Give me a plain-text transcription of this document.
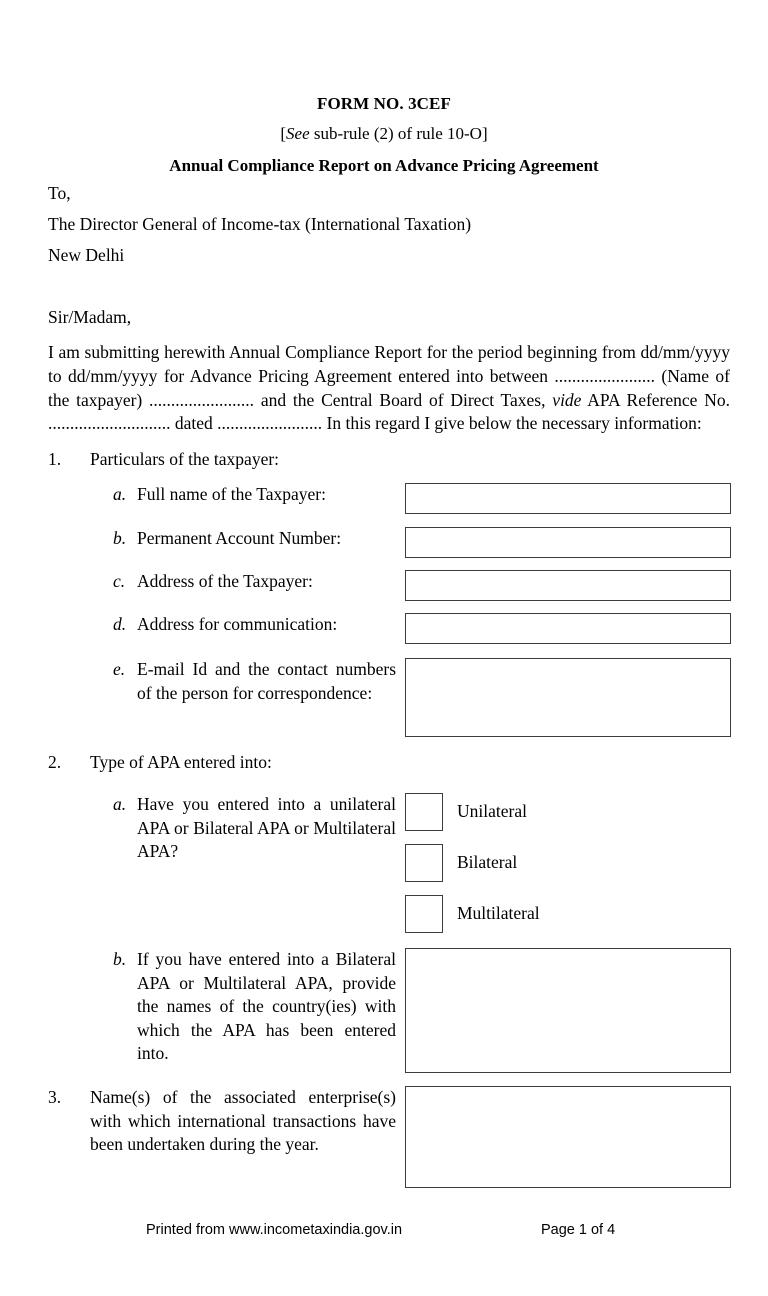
FORM NO. 3CEF
[See sub-rule (2) of rule 10-O]
Annual Compliance Report on Advance Pricing Agreement
To,
The Director General of Income-tax (International Taxation)
New Delhi
Sir/Madam,
I am submitting herewith Annual Compliance Report for the period beginning from dd/mm/yyyy to dd/mm/yyyy for Advance Pricing Agreement entered into between ....................... (Name of the taxpayer) ........................ and the Central Board of Direct Taxes, vide APA Reference No. ............................ dated ........................ In this regard I give below the necessary information:
1. Particulars of the taxpayer:
a. Full name of the Taxpayer:
b. Permanent Account Number:
c. Address of the Taxpayer:
d. Address for communication:
e. E-mail Id and the contact numbers of the person for correspondence:
2. Type of APA entered into:
a. Have you entered into a unilateral APA or Bilateral APA or Multilateral APA?
Unilateral
Bilateral
Multilateral
b. If you have entered into a Bilateral APA or Multilateral APA, provide the names of the country(ies) with which the APA has been entered into.
3. Name(s) of the associated enterprise(s) with which international transactions have been undertaken during the year.
Printed from www.incometaxindia.gov.in	Page 1 of 4
